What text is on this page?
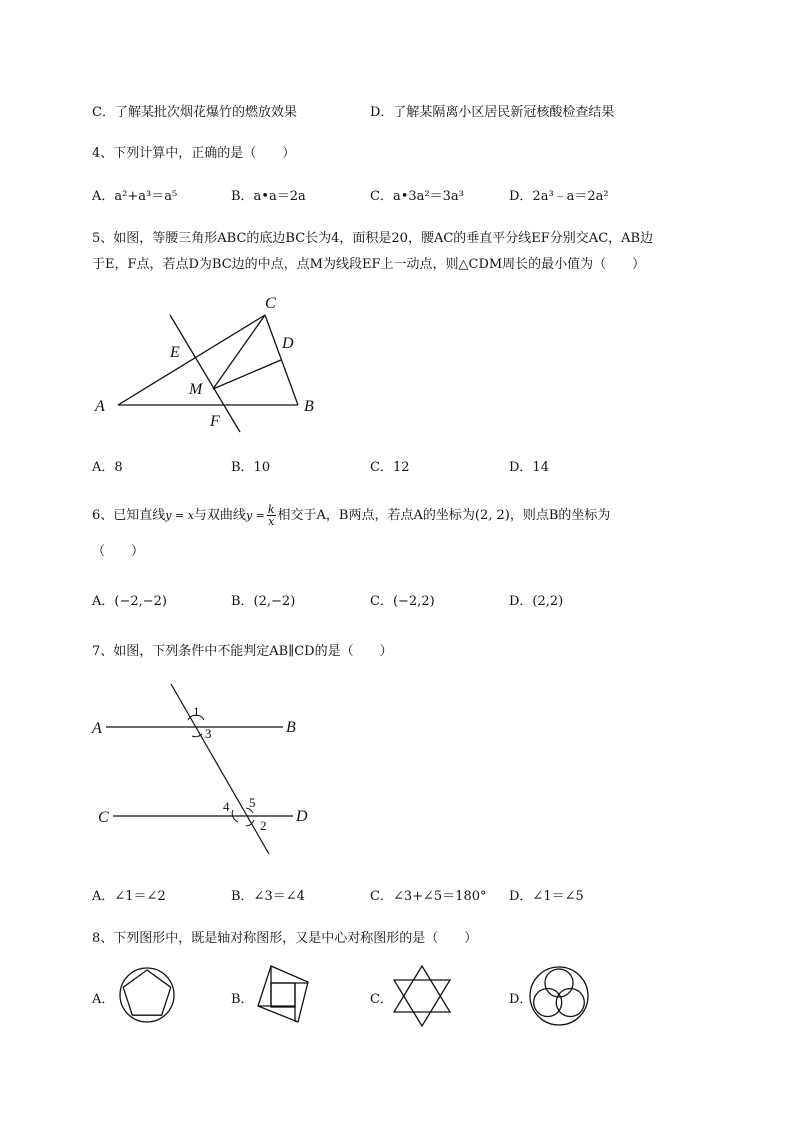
C．了解某批次烟花爆竹的燃放效果	D．了解某隔离小区居民新冠核酸检查结果
4、下列计算中，正确的是（　　）
A．a²+a³＝a⁵	B．a•a＝2a	C．a•3a²＝3a³	D．2a³﹣a＝2a²
5、如图，等腰三角形ABC的底边BC长为4，面积是20，腰AC的垂直平分线EF分别交AC，AB边
于E，F点，若点D为BC边的中点，点M为线段EF上一动点，则△CDM周长的最小值为（　　）
C
D
E
M
A	B
F
A．8	B．10	C．12	D．14
6、已知直线y = x与双曲线$y = \frac{k}{x}$ 相交于A，B两点，若点A的坐标为(2, 2)，则点B的坐标为
（　　）
A．(−2,−2)	B．(2,−2)	C．(−2,2)	D．(2,2)
7、如图，下列条件中不能判定AB∥CD的是（　　）
A	B
C	D
1
3
4 5
2
A．∠1＝∠2	B．∠3＝∠4	C．∠3+∠5＝180° D．∠1＝∠5
8、下列图形中，既是轴对称图形，又是中心对称图形的是（　　）
A．	B．	C．	D．
